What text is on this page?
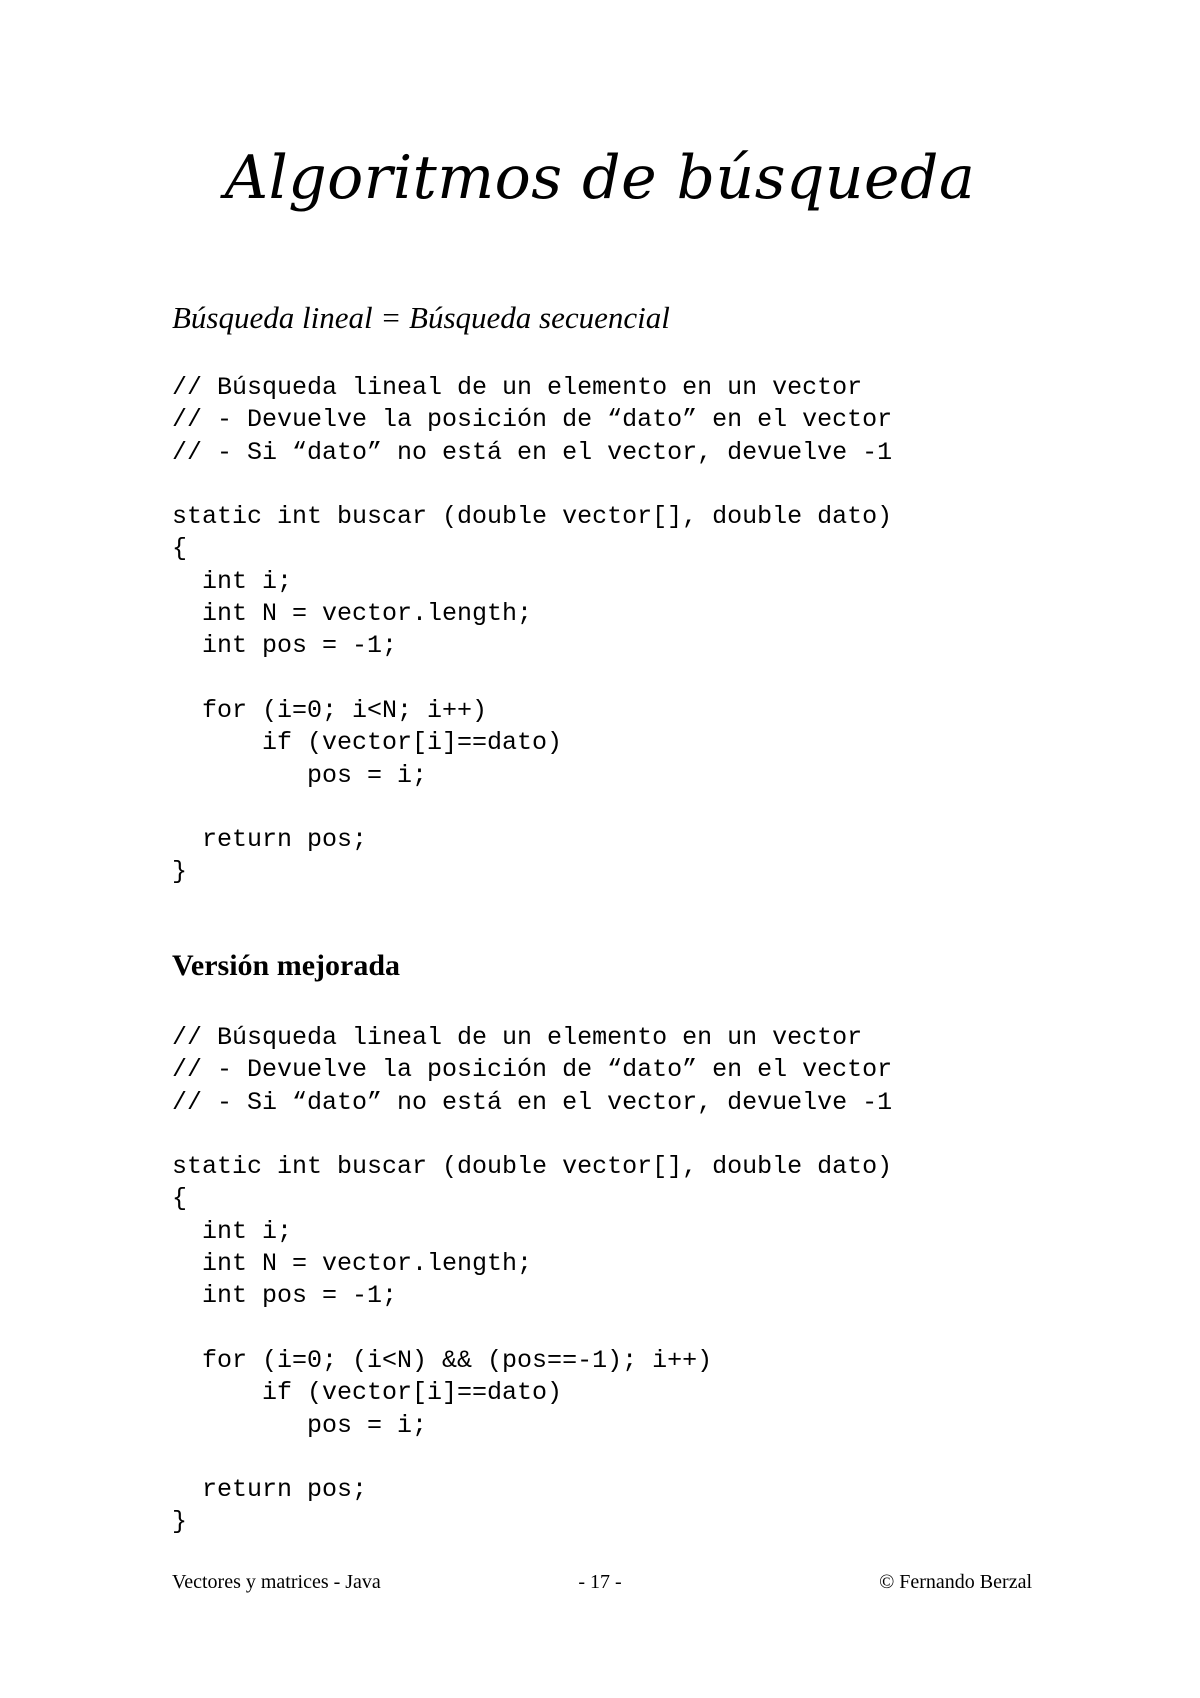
Algoritmos de búsqueda
Búsqueda lineal = Búsqueda secuencial
// Búsqueda lineal de un elemento en un vector
// - Devuelve la posición de “dato” en el vector
// - Si “dato” no está en el vector, devuelve -1
static int buscar (double vector[], double dato)
{
int i;
int N = vector.length;
int pos = -1;
for (i=0; i<N; i++)
if (vector[i]==dato)
pos = i;
return pos;
}
Versión mejorada
// Búsqueda lineal de un elemento en un vector
// - Devuelve la posición de “dato” en el vector
// - Si “dato” no está en el vector, devuelve -1
static int buscar (double vector[], double dato)
{
int i;
int N = vector.length;
int pos = -1;
for (i=0; (i<N) && (pos==-1); i++)
if (vector[i]==dato)
pos = i;
return pos;
}
Vectores y matrices - Java	- 17 -	© Fernando Berzal
